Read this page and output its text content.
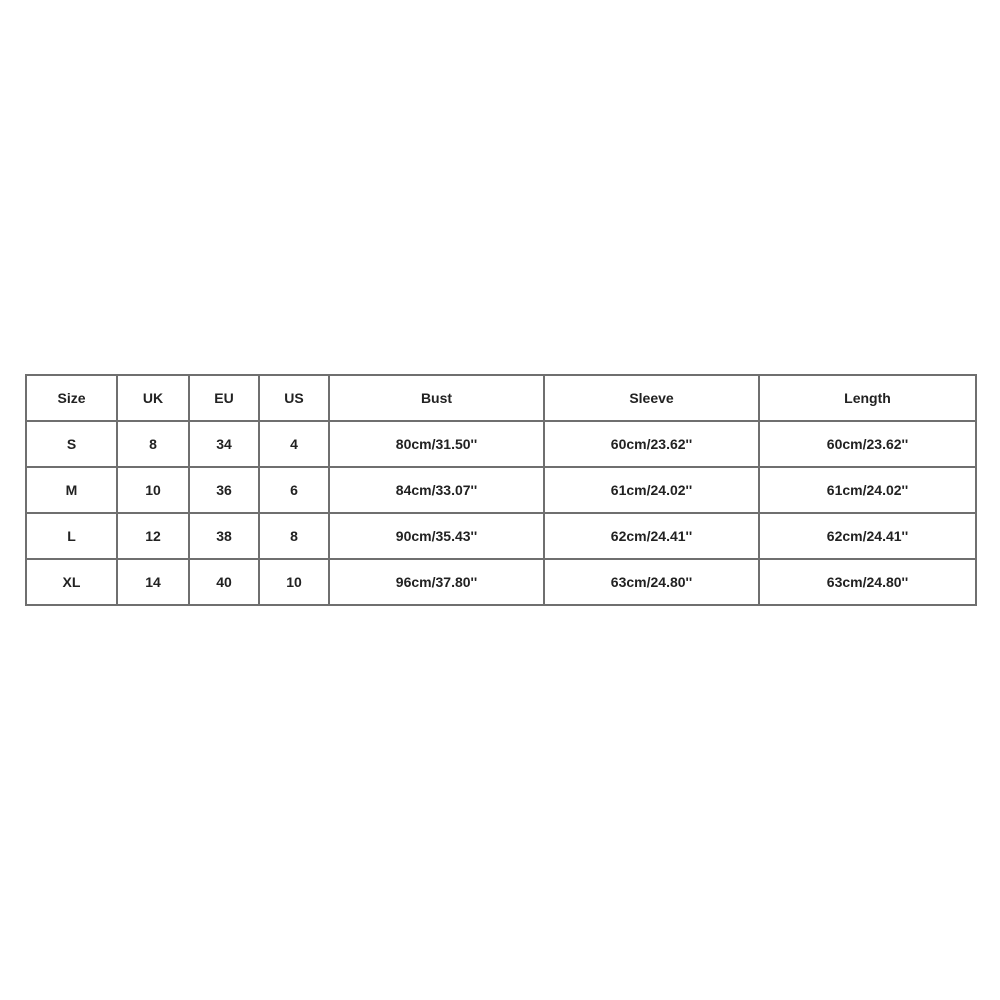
Size	UK	EU	US	Bust	Sleeve	Length
S	8	34	4	80cm/31.50''	60cm/23.62''	60cm/23.62''
M	10	36	6	84cm/33.07''	61cm/24.02''	61cm/24.02''
L	12	38	8	90cm/35.43''	62cm/24.41''	62cm/24.41''
XL	14	40	10	96cm/37.80''	63cm/24.80''	63cm/24.80''
